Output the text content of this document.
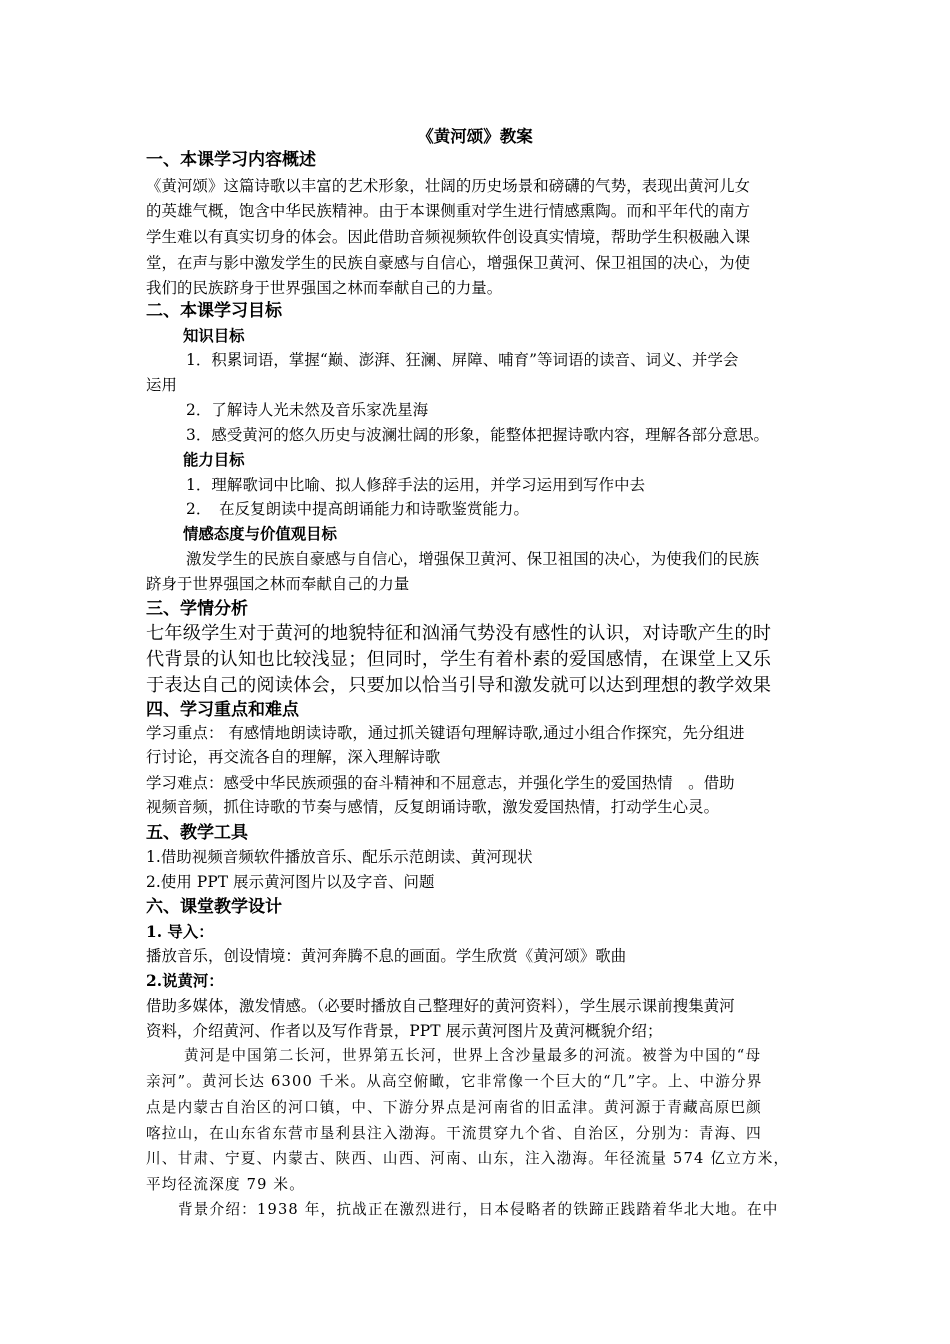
《黄河颂》教案
一、本课学习内容概述
《黄河颂》这篇诗歌以丰富的艺术形象，壮阔的历史场景和磅礴的气势，表现出黄河儿女
的英雄气概，饱含中华民族精神。由于本课侧重对学生进行情感熏陶。而和平年代的南方
学生难以有真实切身的体会。因此借助音频视频软件创设真实情境，帮助学生积极融入课
堂，在声与影中激发学生的民族自豪感与自信心，增强保卫黄河、保卫祖国的决心，为使
我们的民族跻身于世界强国之林而奉献自己的力量。
二、本课学习目标
知识目标
1．积累词语，掌握“巅、澎湃、狂澜、屏障、哺育”等词语的读音、词义、并学会
运用
2．了解诗人光未然及音乐家冼星海
3．感受黄河的悠久历史与波澜壮阔的形象，能整体把握诗歌内容，理解各部分意思。
能力目标
1．理解歌词中比喻、拟人修辞手法的运用，并学习运用到写作中去
2．　在反复朗读中提高朗诵能力和诗歌鉴赏能力。
情感态度与价值观目标
激发学生的民族自豪感与自信心，增强保卫黄河、保卫祖国的决心，为使我们的民族
跻身于世界强国之林而奉献自己的力量
三、学情分析
七年级学生对于黄河的地貌特征和汹涌气势没有感性的认识，对诗歌产生的时
代背景的认知也比较浅显；但同时，学生有着朴素的爱国感情，在课堂上又乐
于表达自己的阅读体会，只要加以恰当引导和激发就可以达到理想的教学效果
四、学习重点和难点
学习重点： 有感情地朗读诗歌，通过抓关键语句理解诗歌,通过小组合作探究，先分组进
行讨论，再交流各自的理解，深入理解诗歌
学习难点：感受中华民族顽强的奋斗精神和不屈意志，并强化学生的爱国热情　。借助
视频音频，抓住诗歌的节奏与感情，反复朗诵诗歌，激发爱国热情，打动学生心灵。
五、教学工具
1.借助视频音频软件播放音乐、配乐示范朗读、黄河现状
2.使用 PPT 展示黄河图片以及字音、问题
六、课堂教学设计
1. 导入：
播放音乐，创设情境：黄河奔腾不息的画面。学生欣赏《黄河颂》歌曲
2.说黄河：
借助多媒体，激发情感。（必要时播放自己整理好的黄河资料），学生展示课前搜集黄河
资料，介绍黄河、作者以及写作背景，PPT 展示黄河图片及黄河概貌介绍；
黄河是中国第二长河，世界第五长河，世界上含沙量最多的河流。被誉为中国的“母
亲河”。黄河长达 6300 千米。从高空俯瞰，它非常像一个巨大的“几”字。上、中游分界
点是内蒙古自治区的河口镇，中、下游分界点是河南省的旧孟津。黄河源于青藏高原巴颜
喀拉山，在山东省东营市垦利县注入渤海。干流贯穿九个省、自治区，分别为：青海、四
川、甘肃、宁夏、内蒙古、陕西、山西、河南、山东，注入渤海。年径流量 574 亿立方米，
平均径流深度 79 米。
背景介绍：1938 年，抗战正在激烈进行，日本侵略者的铁蹄正践踏着华北大地。在中
